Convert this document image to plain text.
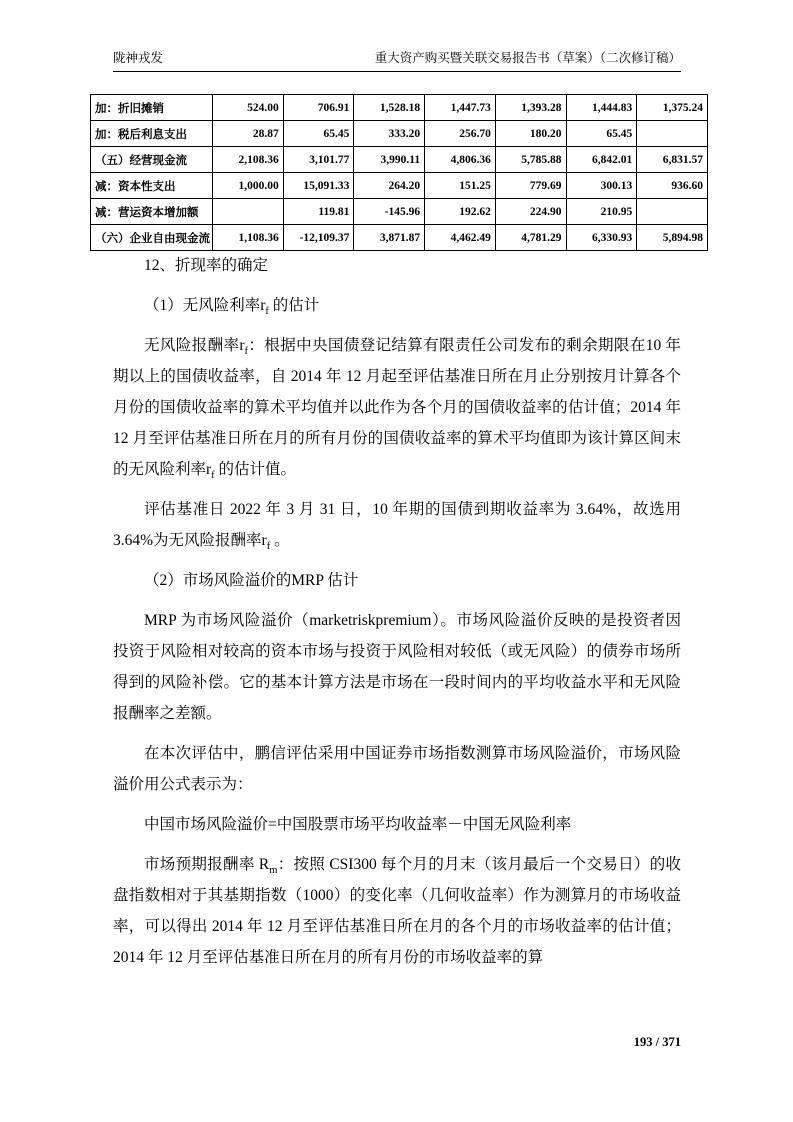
陇神戎发	重大资产购买暨关联交易报告书（草案）（二次修订稿）
加：折旧摊销	524.00	706.91	1,528.18	1,447.73	1,393.28	1,444.83	1,375.24
加：税后利息支出	28.87	65.45	333.20	256.70	180.20	65.45	
（五）经营现金流	2,108.36	3,101.77	3,990.11	4,806.36	5,785.88	6,842.01	6,831.57
减：资本性支出	1,000.00	15,091.33	264.20	151.25	779.69	300.13	936.60
减：营运资本增加额		119.81	-145.96	192.62	224.90	210.95	
（六）企业自由现金流	1,108.36	-12,109.37	3,871.87	4,462.49	4,781.29	6,330.93	5,894.98

12、折现率的确定

（1）无风险利率$r_f$ 的估计

无风险报酬率$r_f$：根据中央国债登记结算有限责任公司发布的剩余期限在10 年期以上的国债收益率，自 2014 年 12 月起至评估基准日所在月止分别按月计算各个月份的国债收益率的算术平均值并以此作为各个月的国债收益率的估计值；2014 年 12 月至评估基准日所在月的所有月份的国债收益率的算术平均值即为该计算区间末的无风险利率$r_f$ 的估计值。

评估基准日 2022 年 3 月 31 日，10 年期的国债到期收益率为 3.64%，故选用 3.64%为无风险报酬率$r_f$ 。

（2）市场风险溢价的MRP 估计

MRP 为市场风险溢价（marketriskpremium）。市场风险溢价反映的是投资者因投资于风险相对较高的资本市场与投资于风险相对较低（或无风险）的债券市场所得到的风险补偿。它的基本计算方法是市场在一段时间内的平均收益水平和无风险报酬率之差额。

在本次评估中，鹏信评估采用中国证券市场指数测算市场风险溢价，市场风险溢价用公式表示为：

中国市场风险溢价=中国股票市场平均收益率－中国无风险利率

市场预期报酬率 $R_m$：按照 CSI300 每个月的月末（该月最后一个交易日）的收盘指数相对于其基期指数（1000）的变化率（几何收益率）作为测算月的市场收益率，可以得出 2014 年 12 月至评估基准日所在月的各个月的市场收益率的估计值；2014 年 12 月至评估基准日所在月的所有月份的市场收益率的算

193 / 371
